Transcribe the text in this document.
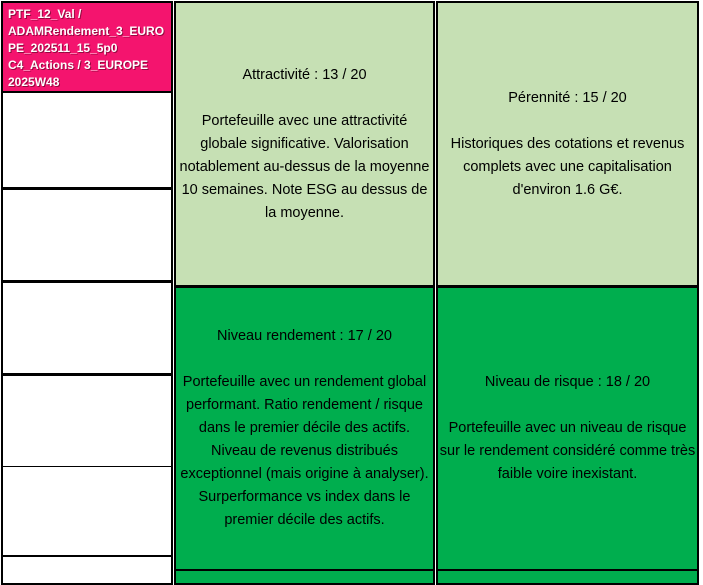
PTF_12_Val /
ADAMRendement_3_EURO
PE_202511_15_5p0
C4_Actions / 3_EUROPE
2025W48	Attractivité : 13 / 20
Portefeuille avec une attractivité globale significative. Valorisation notablement au-dessus de la moyenne 10 semaines. Note ESG au dessus de la moyenne.
Niveau rendement : 17 / 20
Portefeuille avec un rendement global performant. Ratio rendement / risque dans le premier décile des actifs. Niveau de revenus distribués exceptionnel (mais origine à analyser). Surperformance vs index dans le premier décile des actifs.
Pérennité : 15 / 20
Historiques des cotations et revenus complets avec une capitalisation d'environ 1.6 G€.
Niveau de risque : 18 / 20
Portefeuille avec un niveau de risque sur le rendement considéré comme très faible voire inexistant.
